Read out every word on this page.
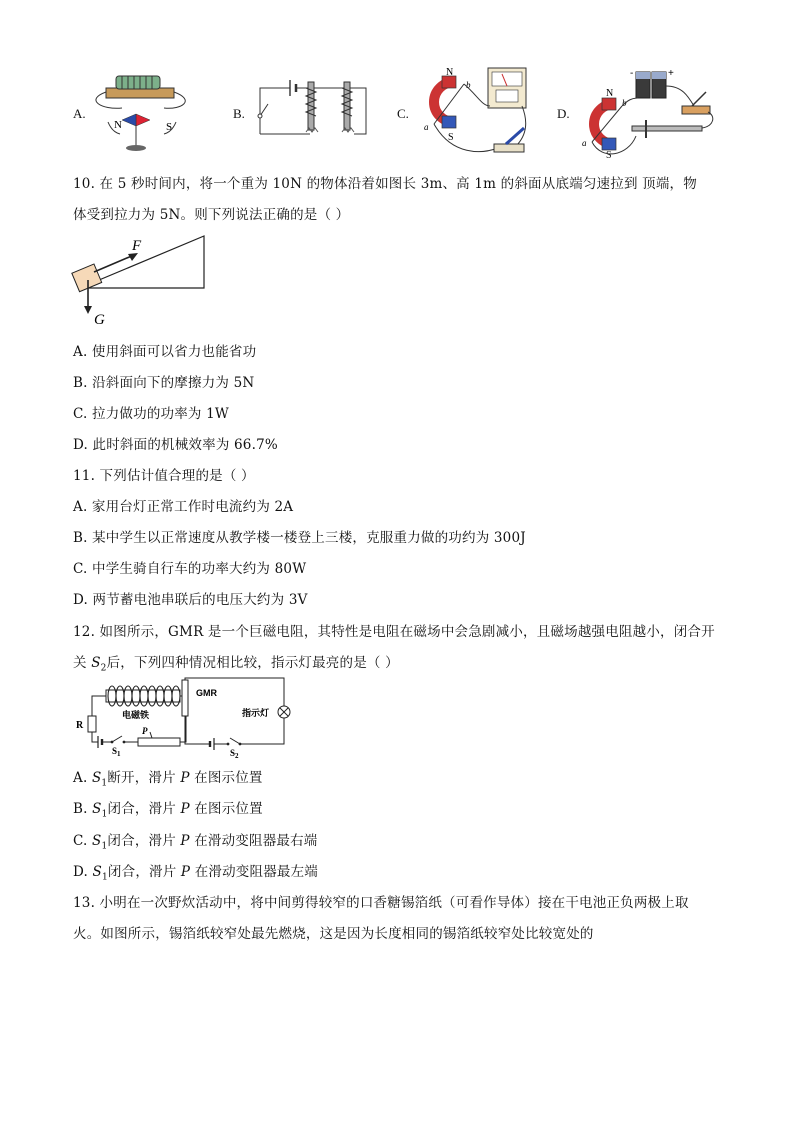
A.
N	S
B.	C.
N
S
a
b
D.
N
S
a
b
-	+
10. 在 5 秒时间内，将一个重为 10N 的物体沿着如图长 3m、高 1m 的斜面从底端匀速拉到 顶端，物
体受到拉力为 5N。则下列说法正确的是（ ）
F
G
A. 使用斜面可以省力也能省功
B. 沿斜面向下的摩擦力为 5N
C. 拉力做功的功率为 1W
D. 此时斜面的机械效率为 66.7%
11. 下列估计值合理的是（ ）
A. 家用台灯正常工作时电流约为 2A
B. 某中学生以正常速度从教学楼一楼登上三楼，克服重力做的功约为 300J
C. 中学生骑自行车的功率大约为 80W
D. 两节蓄电池串联后的电压大约为 3V
12. 如图所示，GMR 是一个巨磁电阻，其特性是电阻在磁场中会急剧减小，且磁场越强电阻越小，闭合开
关 $S_2$后，下列四种情况相比较，指示灯最亮的是（ ）
电磁铁
R
$S_1$
P
GMR
指示灯
$S_2$
A. $S_1$断开，滑片 P 在图示位置
B. $S_1$闭合，滑片 P 在图示位置
C. $S_1$闭合，滑片 P 在滑动变阻器最右端
D. $S_1$闭合，滑片 P 在滑动变阻器最左端
13. 小明在一次野炊活动中，将中间剪得较窄的口香糖锡箔纸（可看作导体）接在干电池正负两极上取
火。如图所示，锡箔纸较窄处最先燃烧，这是因为长度相同的锡箔纸较窄处比较宽处的
